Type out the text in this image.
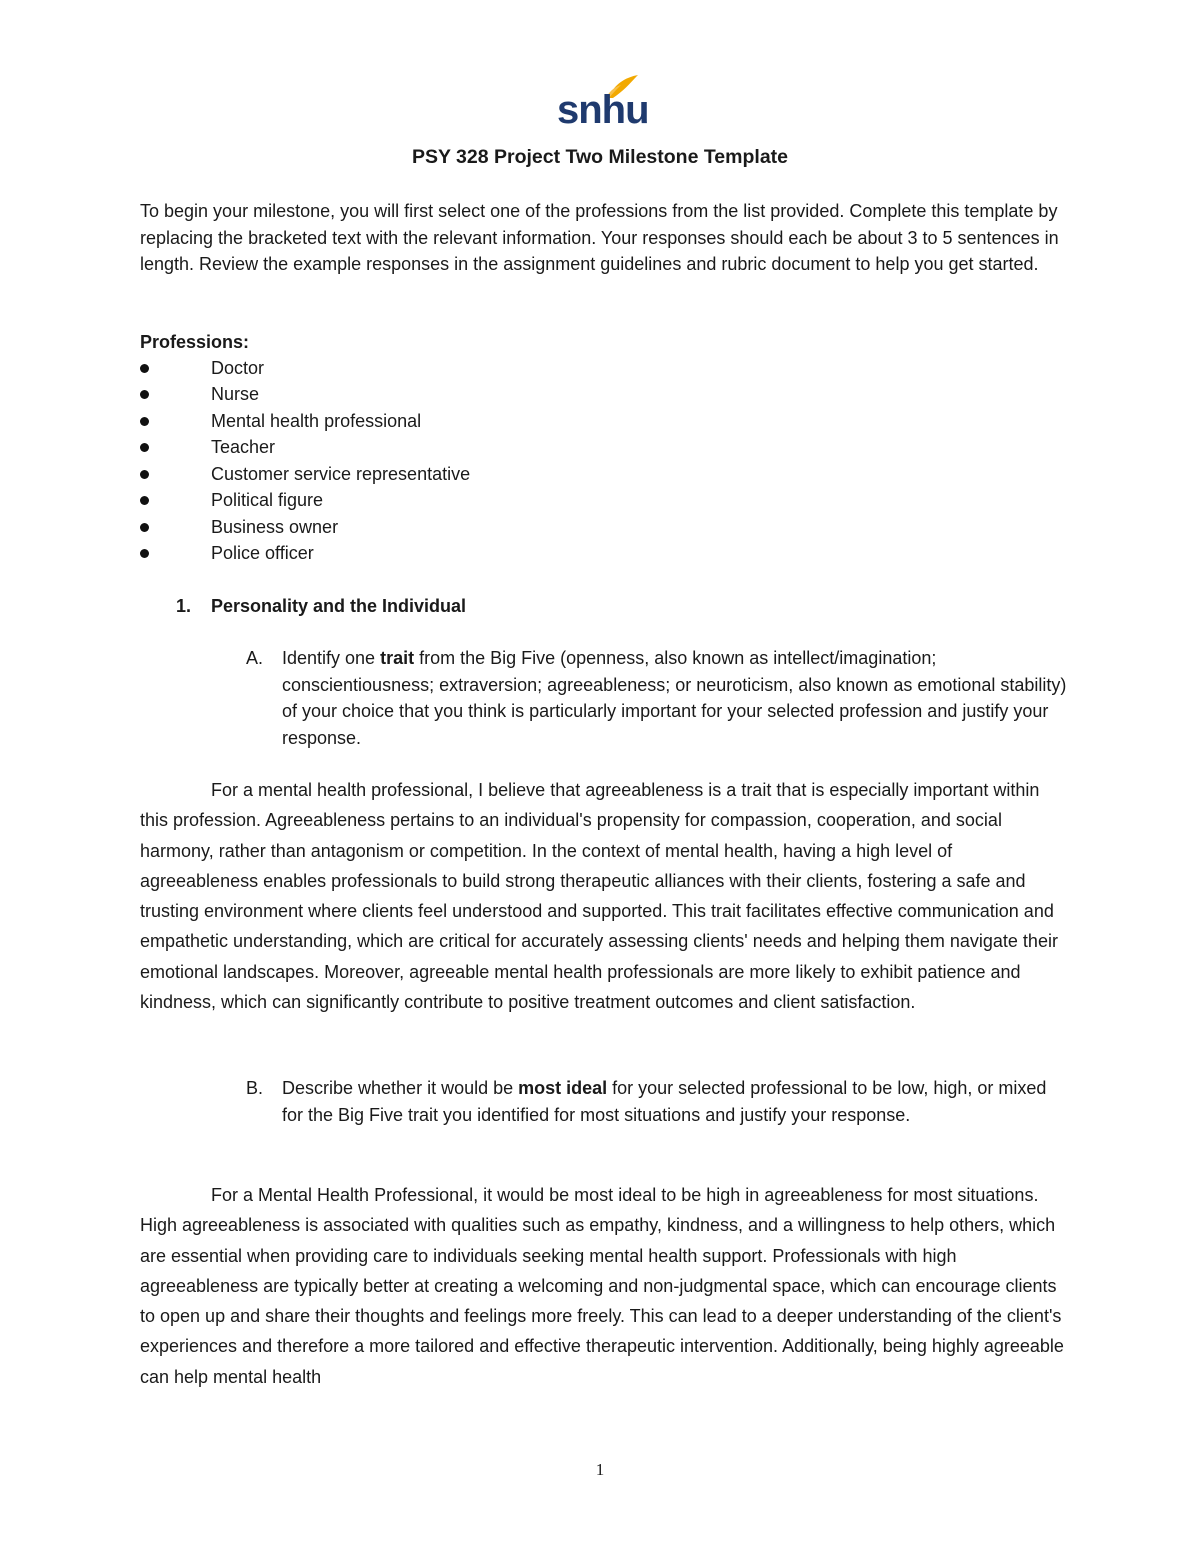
snhu
PSY 328 Project Two Milestone Template

To begin your milestone, you will first select one of the professions from the list provided. Complete this template by replacing the bracketed text with the relevant information. Your responses should each be about 3 to 5 sentences in length. Review the example responses in the assignment guidelines and rubric document to help you get started.

Professions:

Doctor
Nurse
Mental health professional
Teacher
Customer service representative
Political figure
Business owner
Police officer
1. Personality and the Individual
A. Identify one trait from the Big Five (openness, also known as intellect/imagination; conscientiousness; extraversion; agreeableness; or neuroticism, also known as emotional stability) of your choice that you think is particularly important for your selected profession and justify your response.

For a mental health professional, I believe that agreeableness is a trait that is especially important within this profession. Agreeableness pertains to an individual's propensity for compassion, cooperation, and social harmony, rather than antagonism or competition. In the context of mental health, having a high level of agreeableness enables professionals to build strong therapeutic alliances with their clients, fostering a safe and trusting environment where clients feel understood and supported. This trait facilitates effective communication and empathetic understanding, which are critical for accurately assessing clients' needs and helping them navigate their emotional landscapes. Moreover, agreeable mental health professionals are more likely to exhibit patience and kindness, which can significantly contribute to positive treatment outcomes and client satisfaction.

B. Describe whether it would be most ideal for your selected professional to be low, high, or mixed for the Big Five trait you identified for most situations and justify your response.

For a Mental Health Professional, it would be most ideal to be high in agreeableness for most situations. High agreeableness is associated with qualities such as empathy, kindness, and a willingness to help others, which are essential when providing care to individuals seeking mental health support. Professionals with high agreeableness are typically better at creating a welcoming and non-judgmental space, which can encourage clients to open up and share their thoughts and feelings more freely. This can lead to a deeper understanding of the client's experiences and therefore a more tailored and effective therapeutic intervention. Additionally, being highly agreeable can help mental health

1
